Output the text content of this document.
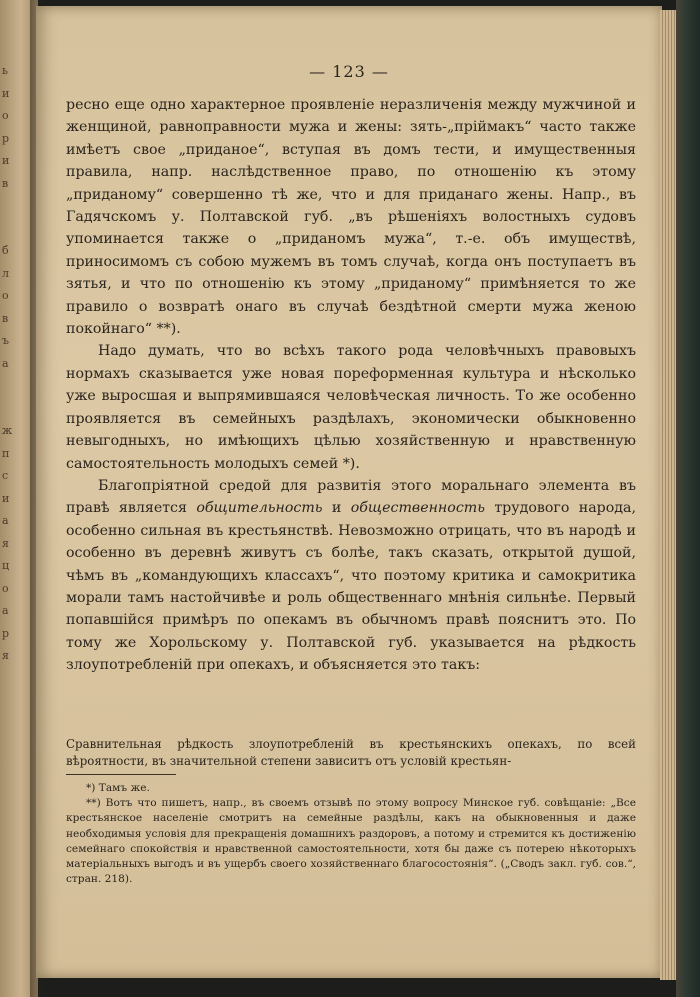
ь
и
о
р
и
в

б
л
о
в
ъ
а

ж
п
с
и
а
я
ц
о
а
р
я
— 123 —

ресно еще одно характерное проявленіе неразличенія между мужчиной и женщиной, равноправности мужа и жены: зять-„пріймакъ“ часто также имѣетъ свое „приданое“, вступая въ домъ тести, и имущественныя правила, напр. наслѣдственное право, по отношенію къ этому „приданому“ совершенно тѣ же, что и для приданаго жены. Напр., въ Гадячскомъ у. Полтавской губ. „въ рѣшеніяхъ волостныхъ судовъ упоминается также о „приданомъ мужа“, т.-е. объ имуществѣ, приносимомъ съ собою мужемъ въ томъ случаѣ, когда онъ поступаетъ въ зятья, и что по отношенію къ этому „приданому“ примѣняется то же правило о возвратѣ онаго въ случаѣ бездѣтной смерти мужа женою покойнаго“ **).

Надо думать, что во всѣхъ такого рода человѣчныхъ правовыхъ нормахъ сказывается уже новая пореформенная культура и нѣсколько уже выросшая и выпрямившаяся человѣческая личность. То же особенно проявляется въ семейныхъ раздѣлахъ, экономически обыкновенно невыгодныхъ, но имѣющихъ цѣлью хозяйственную и нравственную самостоятельность молодыхъ семей *).

Благопріятной средой для развитія этого моральнаго элемента въ правѣ является общительность и общественность трудового народа, особенно сильная въ крестьянствѣ. Невозможно отрицать, что въ народѣ и особенно въ деревнѣ живутъ съ болѣе, такъ сказать, открытой душой, чѣмъ въ „командующихъ классахъ“, что поэтому критика и самокритика морали тамъ настойчивѣе и роль общественнаго мнѣнія сильнѣе. Первый попавшійся примѣръ по опекамъ въ обычномъ правѣ пояснитъ это. По тому же Хорольскому у. Полтавской губ. указывается на рѣдкость злоупотребленій при опекахъ, и объясняется это такъ:

Сравнительная рѣдкость злоупотребленій въ крестьянскихъ опекахъ, по всей вѣроятности, въ значительной степени зависитъ отъ условій крестьян-

*) Тамъ же.

**) Вотъ что пишетъ, напр., въ своемъ отзывѣ по этому вопросу Минское губ. совѣщаніе: „Все крестьянское населеніе смотритъ на семейные раздѣлы, какъ на обыкновенныя и даже необходимыя условія для прекращенія домашнихъ раздоровъ, а потому и стремится къ достиженію семейнаго спокойствія и нравственной самостоятельности, хотя бы даже съ потерею нѣкоторыхъ матеріальныхъ выгодъ и въ ущербъ своего хозяйственнаго благосостоянія“. („Сводъ закл. губ. сов.“, стран. 218).
